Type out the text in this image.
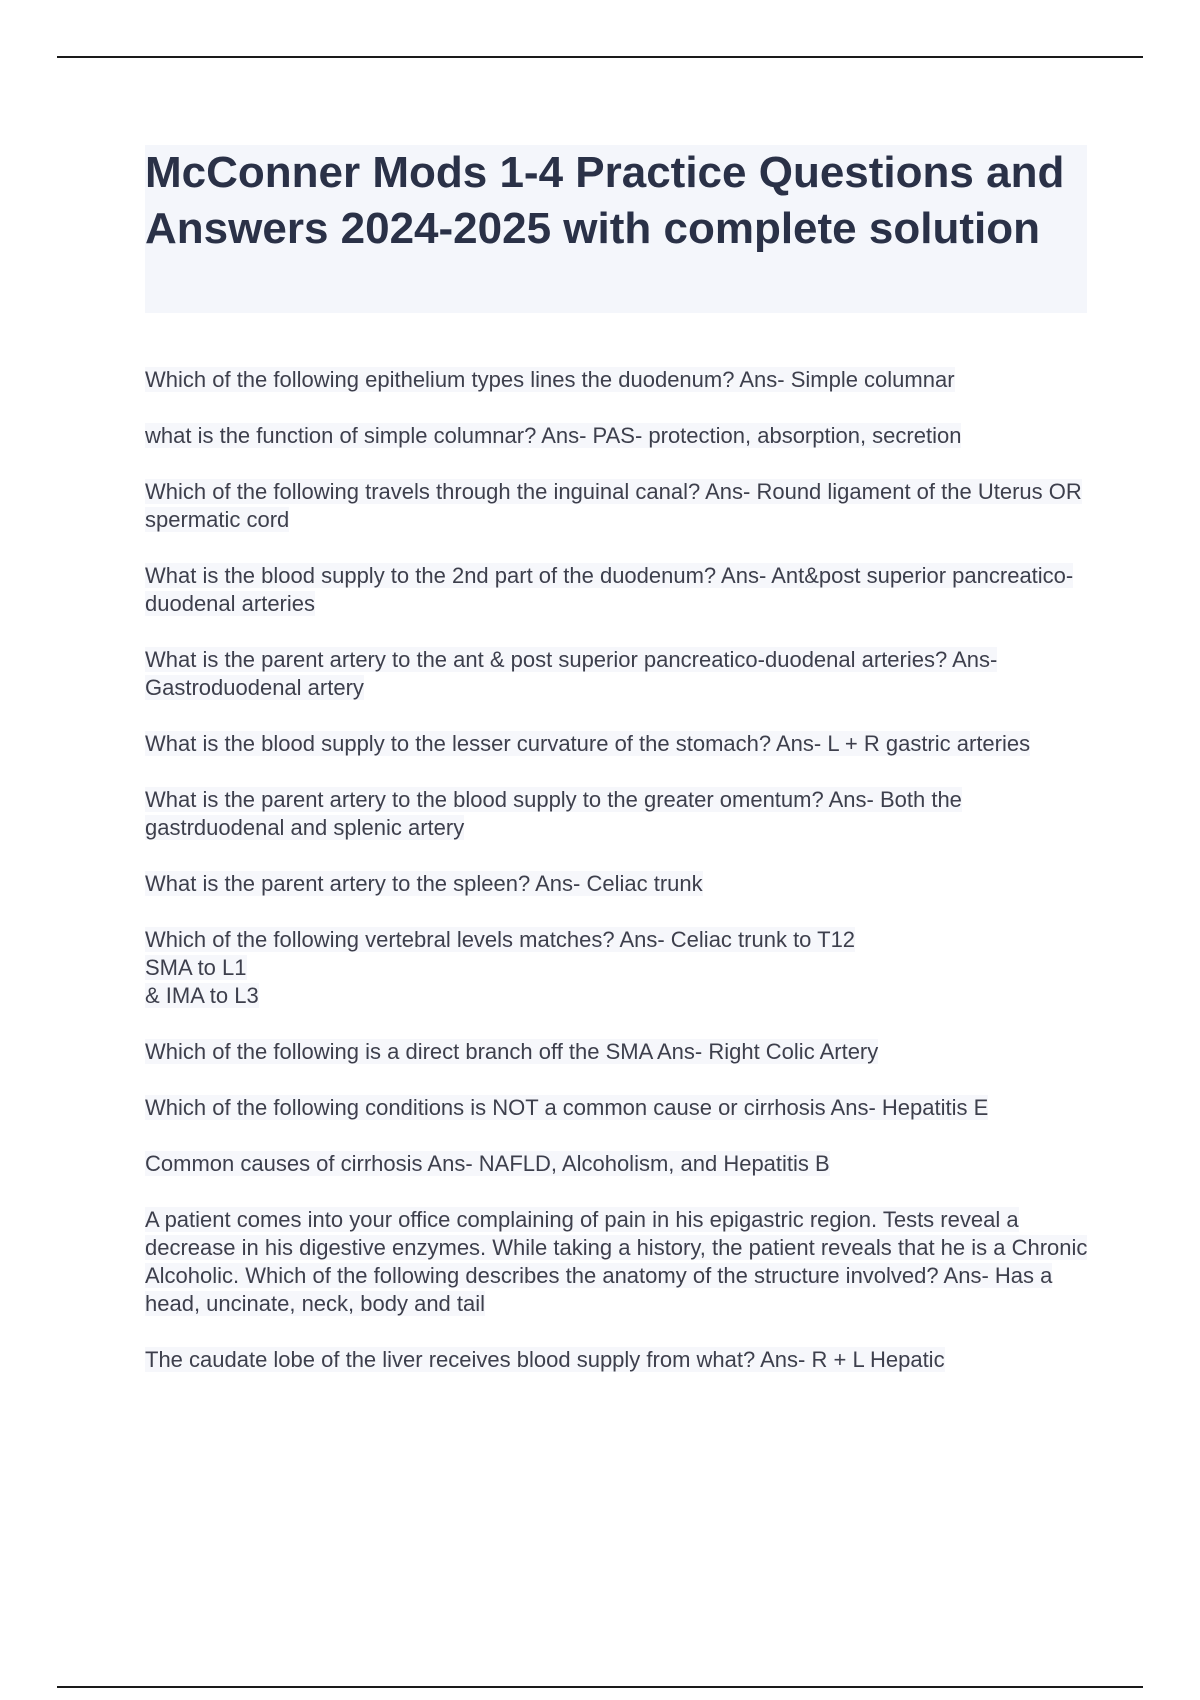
McConner Mods 1-4 Practice Questions and Answers 2024-2025 with complete solution
Which of the following epithelium types lines the duodenum? Ans- Simple columnar
what is the function of simple columnar? Ans- PAS- protection, absorption, secretion
Which of the following travels through the inguinal canal? Ans- Round ligament of the Uterus OR spermatic cord
What is the blood supply to the 2nd part of the duodenum? Ans- Ant&post superior pancreatico-duodenal arteries
What is the parent artery to the ant & post superior pancreatico-duodenal arteries? Ans- Gastroduodenal artery
What is the blood supply to the lesser curvature of the stomach? Ans- L + R gastric arteries
What is the parent artery to the blood supply to the greater omentum? Ans- Both the gastrduodenal and splenic artery
What is the parent artery to the spleen? Ans- Celiac trunk
Which of the following vertebral levels matches? Ans- Celiac trunk to T12
SMA to L1
& IMA to L3
Which of the following is a direct branch off the SMA Ans- Right Colic Artery
Which of the following conditions is NOT a common cause or cirrhosis Ans- Hepatitis E
Common causes of cirrhosis Ans- NAFLD, Alcoholism, and Hepatitis B
A patient comes into your office complaining of pain in his epigastric region. Tests reveal a decrease in his digestive enzymes. While taking a history, the patient reveals that he is a Chronic Alcoholic. Which of the following describes the anatomy of the structure involved? Ans- Has a head, uncinate, neck, body and tail
The caudate lobe of the liver receives blood supply from what? Ans- R + L Hepatic
